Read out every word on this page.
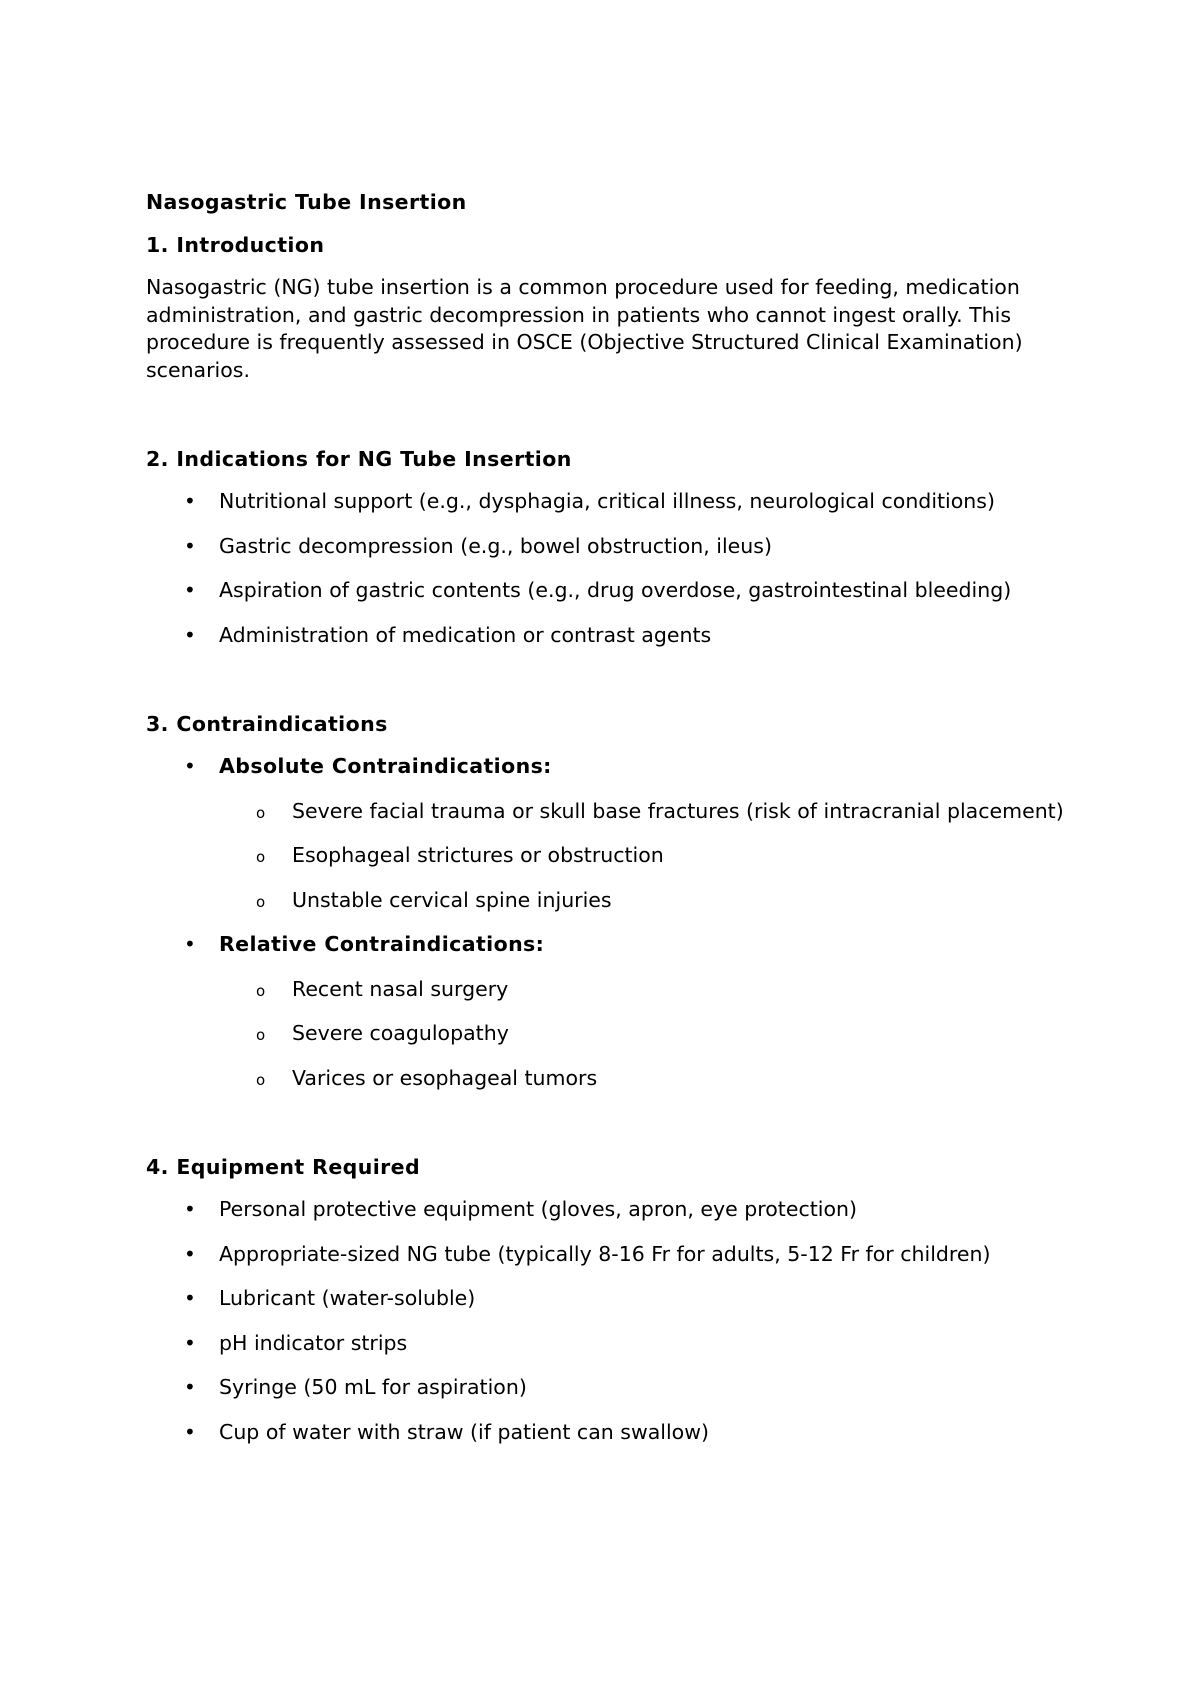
Nasogastric Tube Insertion

1. Introduction

Nasogastric (NG) tube insertion is a common procedure used for feeding, medication administration, and gastric decompression in patients who cannot ingest orally. This procedure is frequently assessed in OSCE (Objective Structured Clinical Examination) scenarios.

2. Indications for NG Tube Insertion

• Nutritional support (e.g., dysphagia, critical illness, neurological conditions)
• Gastric decompression (e.g., bowel obstruction, ileus)
• Aspiration of gastric contents (e.g., drug overdose, gastrointestinal bleeding)
• Administration of medication or contrast agents

3. Contraindications

• Absolute Contraindications:
o Severe facial trauma or skull base fractures (risk of intracranial placement)
o Esophageal strictures or obstruction
o Unstable cervical spine injuries
• Relative Contraindications:
o Recent nasal surgery
o Severe coagulopathy
o Varices or esophageal tumors

4. Equipment Required

• Personal protective equipment (gloves, apron, eye protection)
• Appropriate-sized NG tube (typically 8-16 Fr for adults, 5-12 Fr for children)
• Lubricant (water-soluble)
• pH indicator strips
• Syringe (50 mL for aspiration)
• Cup of water with straw (if patient can swallow)
